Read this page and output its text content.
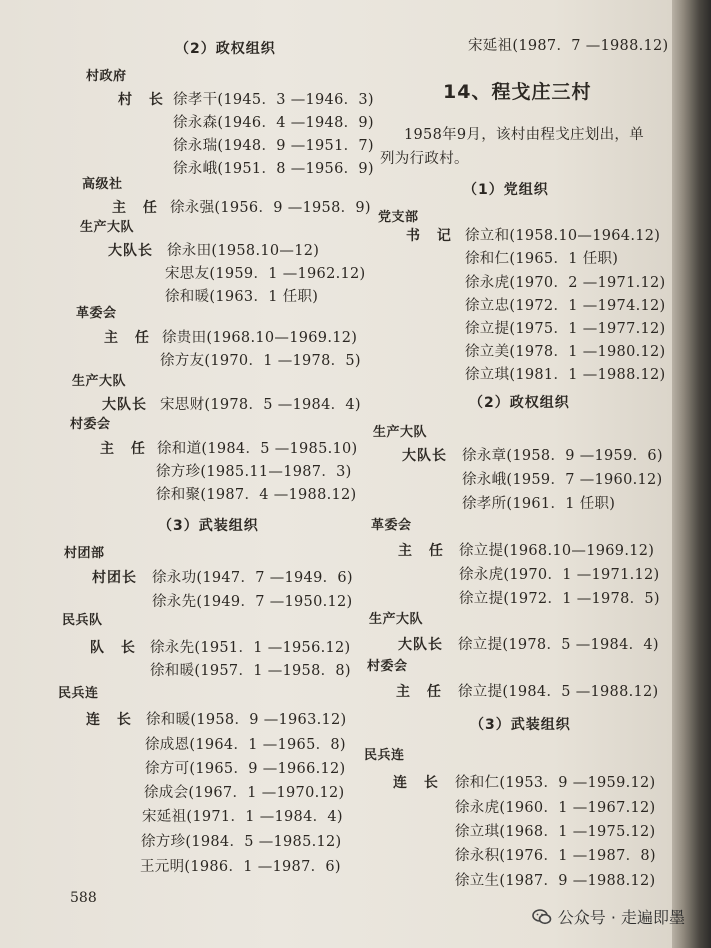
（2）政权组织
村政府
村 长 徐孝干(1945．3 —1946．3)
徐永森(1946．4 —1948．9)
徐永瑞(1948．9 —1951．7)
徐永峨(1951．8 —1956．9)
高级社
主 任 徐永强(1956．9 —1958．9)
生产大队
大队长 徐永田(1958.10—12)
宋思友(1959．1 —1962.12)
徐和暖(1963．1 任职)
革委会
主 任 徐贵田(1968.10—1969.12)
徐方友(1970．1 —1978．5)
生产大队
大队长 宋思财(1978．5 —1984．4)
村委会
主 任 徐和道(1984．5 —1985.10)
徐方珍(1985.11—1987．3)
徐和聚(1987．4 —1988.12)
（3）武装组织
村团部
村团长 徐永功(1947．7 —1949．6)
徐永先(1949．7 —1950.12)
民兵队
队 长 徐永先(1951．1 —1956.12)
徐和暖(1957．1 —1958．8)
民兵连
连 长 徐和暖(1958．9 —1963.12)
徐成恩(1964．1 —1965．8)
徐方可(1965．9 —1966.12)
徐成会(1967．1 —1970.12)
宋延祖(1971．1 —1984．4)
徐方珍(1984．5 —1985.12)
王元明(1986．1 —1987．6)
588
宋延祖(1987．7 —1988.12)
14、程戈庄三村
1958年9月，该村由程戈庄划出，单
列为行政村。
（1）党组织
党支部
书 记 徐立和(1958.10—1964.12)
徐和仁(1965．1 任职)
徐永虎(1970．2 —1971.12)
徐立忠(1972．1 —1974.12)
徐立提(1975．1 —1977.12)
徐立美(1978．1 —1980.12)
徐立琪(1981．1 —1988.12)
（2）政权组织
生产大队
大队长 徐永章(1958．9 —1959．6)
徐永峨(1959．7 —1960.12)
徐孝所(1961．1 任职)
革委会
主 任 徐立提(1968.10—1969.12)
徐永虎(1970．1 —1971.12)
徐立提(1972．1 —1978．5)
生产大队
大队长 徐立提(1978．5 —1984．4)
村委会
主 任 徐立提(1984．5 —1988.12)
（3）武装组织
民兵连
连 长 徐和仁(1953．9 —1959.12)
徐永虎(1960．1 —1967.12)
徐立琪(1968．1 —1975.12)
徐永积(1976．1 —1987．8)
徐立生(1987．9 —1988.12)
公众号 · 走遍即墨
